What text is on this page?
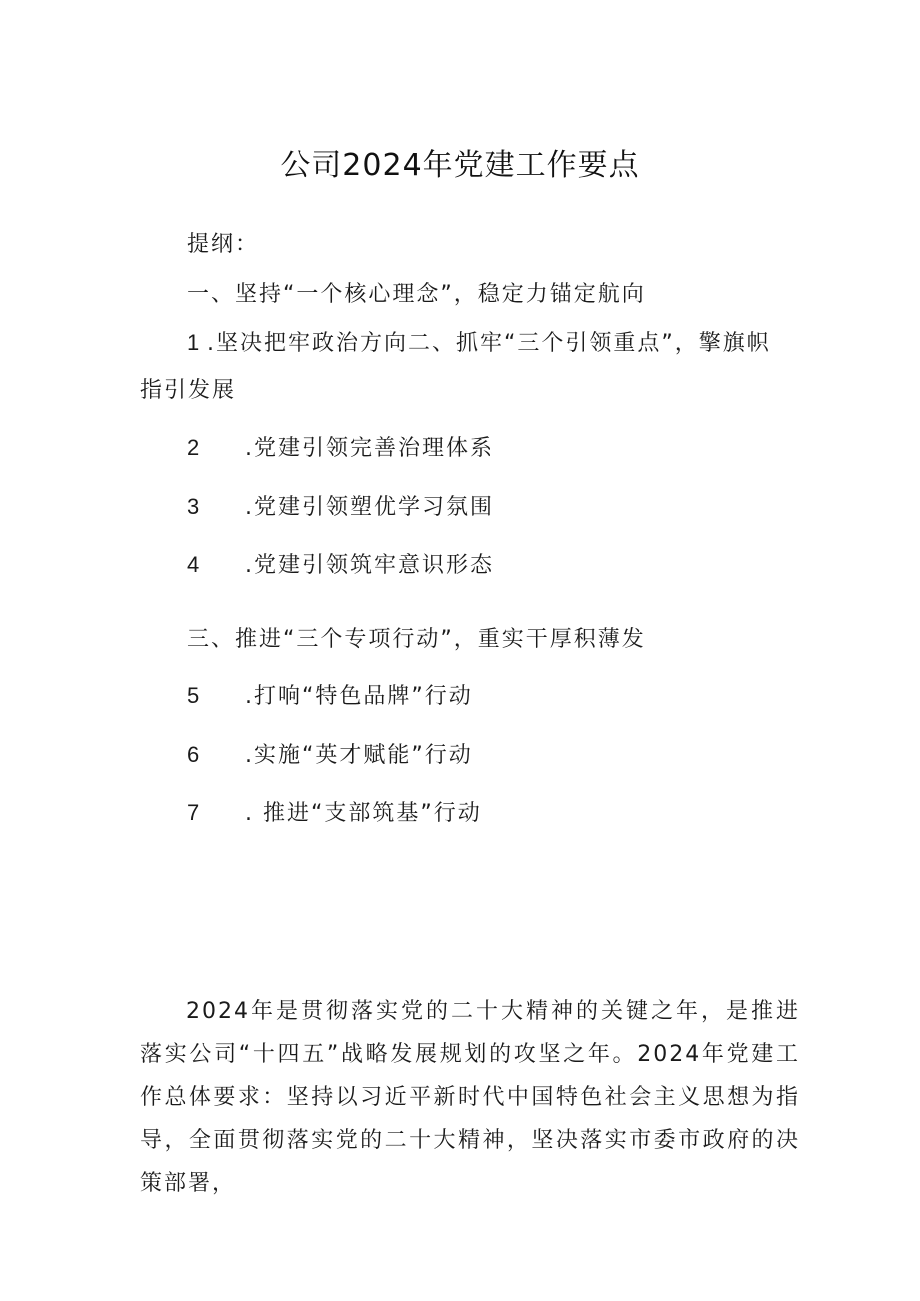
公司2024年党建工作要点
提纲：
一、坚持“一个核心理念”，稳定力锚定航向
1 .坚决把牢政治方向二、抓牢“三个引领重点”，擎旗帜
指引发展
2 .党建引领完善治理体系
3 .党建引领塑优学习氛围
4 .党建引领筑牢意识形态
三、推进“三个专项行动”，重实干厚积薄发
5 .打响“特色品牌”行动
6 .实施“英才赋能”行动
7 . 推进“支部筑基”行动
2024年是贯彻落实党的二十大精神的关键之年，是推进落实公司“十四五”战略发展规划的攻坚之年。2024年党建工作总体要求：坚持以习近平新时代中国特色社会主义思想为指导，全面贯彻落实党的二十大精神，坚决落实市委市政府的决策部署，
